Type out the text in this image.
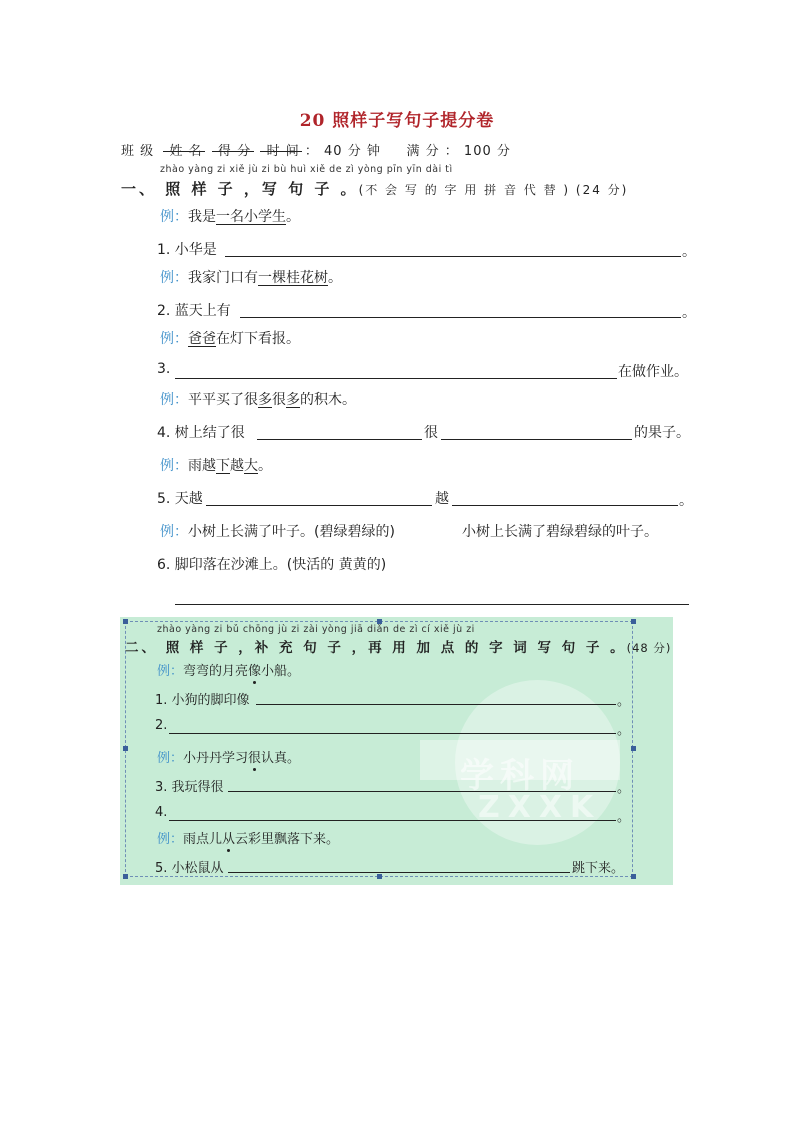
20 照样子写句子提分卷
班 级 姓 名 得 分 时 间 ： 40 分 钟 满 分 ： 100 分
zhào yàng zi xiě jù zi bù huì xiě de zì yòng pīn yīn dài tì
一、 照 样 子 ，写 句 子 。(不 会 写 的 字 用 拼 音 代 替 ) (24 分)
例：我是一名小学生。
1. 小华是	。
例：我家门口有一棵桂花树。
2. 蓝天上有	。
例：爸爸在灯下看报。
3.	在做作业。
例：平平买了很多很多的积木。
4. 树上结了很	很	的果子。
例：雨越下越大。
5. 天越	越	。
例：小树上长满了叶子。(碧绿碧绿的)	小树上长满了碧绿碧绿的叶子。
6. 脚印落在沙滩上。(快活的 黄黄的)
学科网
ZXXK
zhào yàng zi bǔ chōng jù zi zài yòng jiā diǎn de zì cí xiě jù zi
二、 照 样 子 ，补 充 句 子 ，再 用 加 点 的 字 词 写 句 子 。(48 分)
例：弯弯的月亮像小船。
1. 小狗的脚印像	。
2.	。
例：小丹丹学习很认真。
3. 我玩得很	。
4.	。
例：雨点儿从云彩里飘落下来。
5. 小松鼠从	跳下来。
